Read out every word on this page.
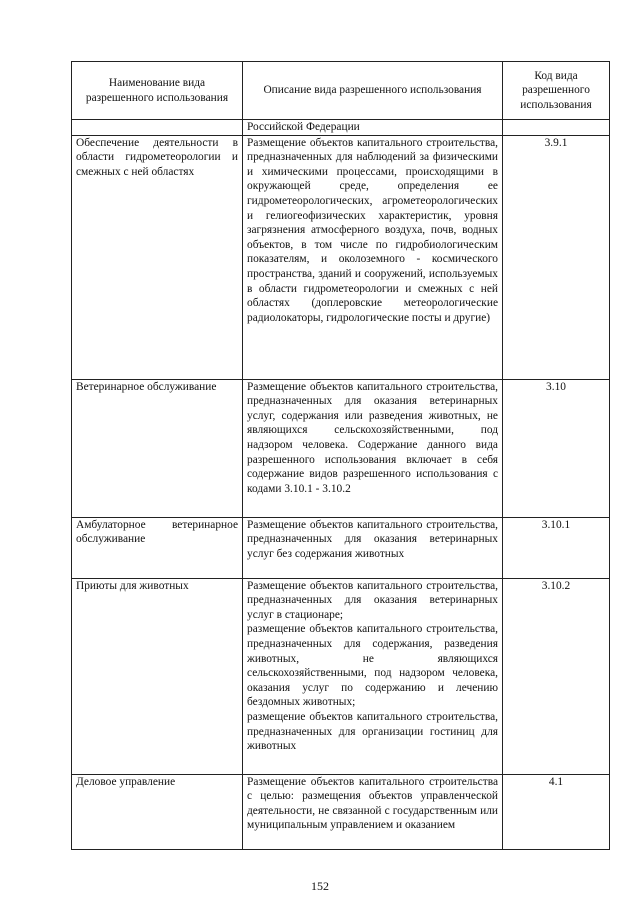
Наименование вида разрешенного использования	Описание вида разрешенного использования	Код вида разрешенного использования
	Российской Федерации	
Обеспечение деятельности в области гидрометеорологии и смежных с ней областях	Размещение объектов капитального строительства, предназначенных для наблюдений за физическими и химическими процессами, происходящими в окружающей среде, определения ее гидрометеорологических, агрометеорологических и гелиогеофизических характеристик, уровня загрязнения атмосферного воздуха, почв, водных объектов, в том числе по гидробиологическим показателям, и околоземного - космического пространства, зданий и сооружений, используемых в области гидрометеорологии и смежных с ней областях (доплеровские метеорологические радиолокаторы, гидрологические посты и другие)	3.9.1
Ветеринарное обслуживание	Размещение объектов капитального строительства, предназначенных для оказания ветеринарных услуг, содержания или разведения животных, не являющихся сельскохозяйственными, под надзором человека. Содержание данного вида разрешенного использования включает в себя содержание видов разрешенного использования с кодами 3.10.1 - 3.10.2	3.10
Амбулаторное ветеринарное обслуживание	Размещение объектов капитального строительства, предназначенных для оказания ветеринарных услуг без содержания животных	3.10.1
Приюты для животных	Размещение объектов капитального строительства, предназначенных для оказания ветеринарных услуг в стационаре;
размещение объектов капитального строительства, предназначенных для содержания, разведения животных, не являющихся сельскохозяйственными, под надзором человека, оказания услуг по содержанию и лечению бездомных животных;
размещение объектов капитального строительства, предназначенных для организации гостиниц для животных	3.10.2
Деловое управление	Размещение объектов капитального строительства с целью: размещения объектов управленческой деятельности, не связанной с государственным или муниципальным управлением и оказанием	4.1
152
